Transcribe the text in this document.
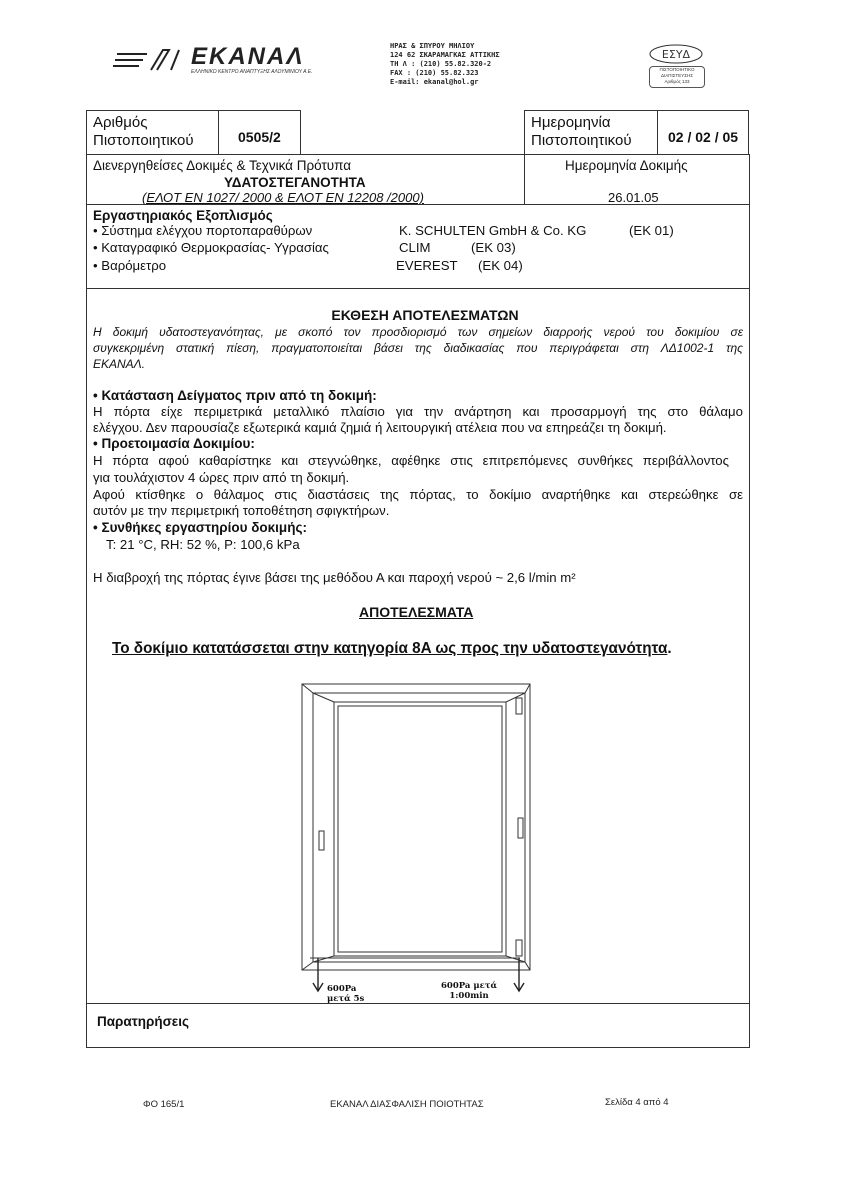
ΕΚΑΝΑΛ
ΕΛΛΗΝΙΚΟ ΚΕΝΤΡΟ ΑΝΑΠΤΥΞΗΣ ΑΛΟΥΜΙΝΙΟΥ Α.Ε.
ΗΡΑΣ & ΣΠΥΡΟΥ ΜΗΛΙΟΥ
124 62 ΣΚΑΡΑΜΑΓΚΑΣ ΑΤΤΙΚΗΣ
ΤΗ Λ : (210) 55.82.320-2
FAX : (210) 55.82.323
E-mail: ekanal@hol.gr
ΕΣΥΔ
ΠΙΣΤΟΠΟΙΗΤΙΚΟ
ΔΙΑΠΙΣΤΕΥΣΗΣ
Αριθμός 133
Αριθμός
Πιστοποιητικού	0505/2
Ημερομηνία
Πιστοποιητικού	02 / 02 / 05
Διενεργηθείσες Δοκιμές & Τεχνικά Πρότυπα
ΥΔΑΤΟΣΤΕΓΑΝΟΤΗΤΑ
(ΕΛΟΤ ΕΝ 1027/ 2000 & ΕΛΟΤ ΕΝ 12208 /2000)
Ημερομηνία Δοκιμής
26.01.05
Εργαστηριακός Εξοπλισμός
• Σύστημα ελέγχου πορτοπαραθύρων	K. SCHULTEN GmbH & Co. KG	(EK 01)
• Καταγραφικό Θερμοκρασίας- Υγρασίας	CLIM	(EK 03)
• Βαρόμετρο	EVEREST (EK 04)
ΕΚΘΕΣΗ ΑΠΟΤΕΛΕΣΜΑΤΩΝ
Η δοκιμή υδατοστεγανότητας, με σκοπό τον προσδιορισμό των σημείων διαρροής νερού του δοκιμίου σε
συγκεκριμένη στατική πίεση, πραγματοποιείται βάσει της διαδικασίας που περιγράφεται στη ΛΔ1002-1 της
ΕΚΑΝΑΛ.
• Κατάσταση Δείγματος πριν από τη δοκιμή:
Η πόρτα είχε περιμετρικά μεταλλικό πλαίσιο για την ανάρτηση και προσαρμογή της στο θάλαμο
ελέγχου. Δεν παρουσίαζε εξωτερικά καμιά ζημιά ή λειτουργική ατέλεια που να επηρεάζει τη δοκιμή.
• Προετοιμασία Δοκιμίου:
Η πόρτα αφού καθαρίστηκε και στεγνώθηκε, αφέθηκε στις επιτρεπόμενες συνθήκες περιβάλλοντος
για τουλάχιστον 4 ώρες πριν από τη δοκιμή.
Αφού κτίσθηκε ο θάλαμος στις διαστάσεις της πόρτας, το δοκίμιο αναρτήθηκε και στερεώθηκε σε
αυτόν με την περιμετρική τοποθέτηση σφιγκτήρων.
• Συνθήκες εργαστηρίου δοκιμής:
T: 21 °C, RH: 52 %, P: 100,6 kPa
Η διαβροχή της πόρτας έγινε βάσει της μεθόδου Α και παροχή νερού ~ 2,6 l/min m²
ΑΠΟΤΕΛΕΣΜΑΤΑ
Το δοκίμιο κατατάσσεται στην κατηγορία 8A ως προς την υδατοστεγανότητα.
600Pa
μετά 5s
600Pa μετά
1:00min
Παρατηρήσεις
ΦΟ 165/1	ΕΚΑΝΑΛ ΔΙΑΣΦΑΛΙΣΗ ΠΟΙΟΤΗΤΑΣ	Σελίδα 4 από 4
